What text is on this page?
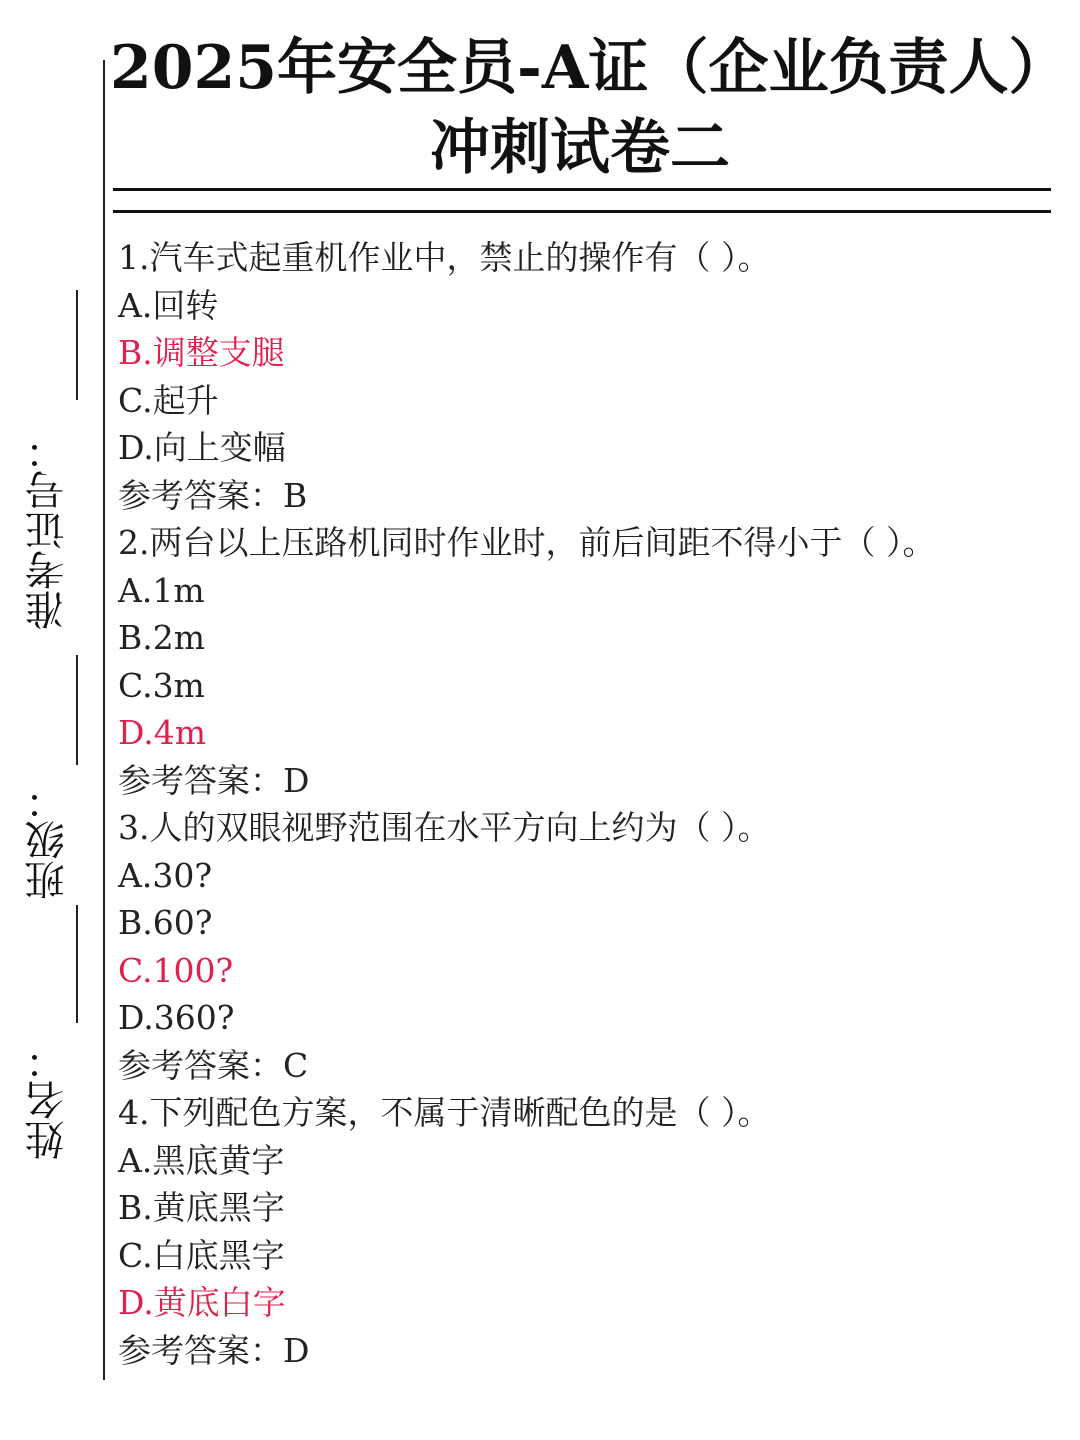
准考证号：
班级：
姓名：
2025年安全员-A证（企业负责人）
冲刺试卷二
1.汽车式起重机作业中，禁止的操作有（ ）。
A.回转
B.调整支腿
C.起升
D.向上变幅
参考答案：B
2.两台以上压路机同时作业时，前后间距不得小于（ ）。
A.1m
B.2m
C.3m
D.4m
参考答案：D
3.人的双眼视野范围在水平方向上约为（ ）。
A.30?
B.60?
C.100?
D.360?
参考答案：C
4.下列配色方案，不属于清晰配色的是（ ）。
A.黑底黄字
B.黄底黑字
C.白底黑字
D.黄底白字
参考答案：D
